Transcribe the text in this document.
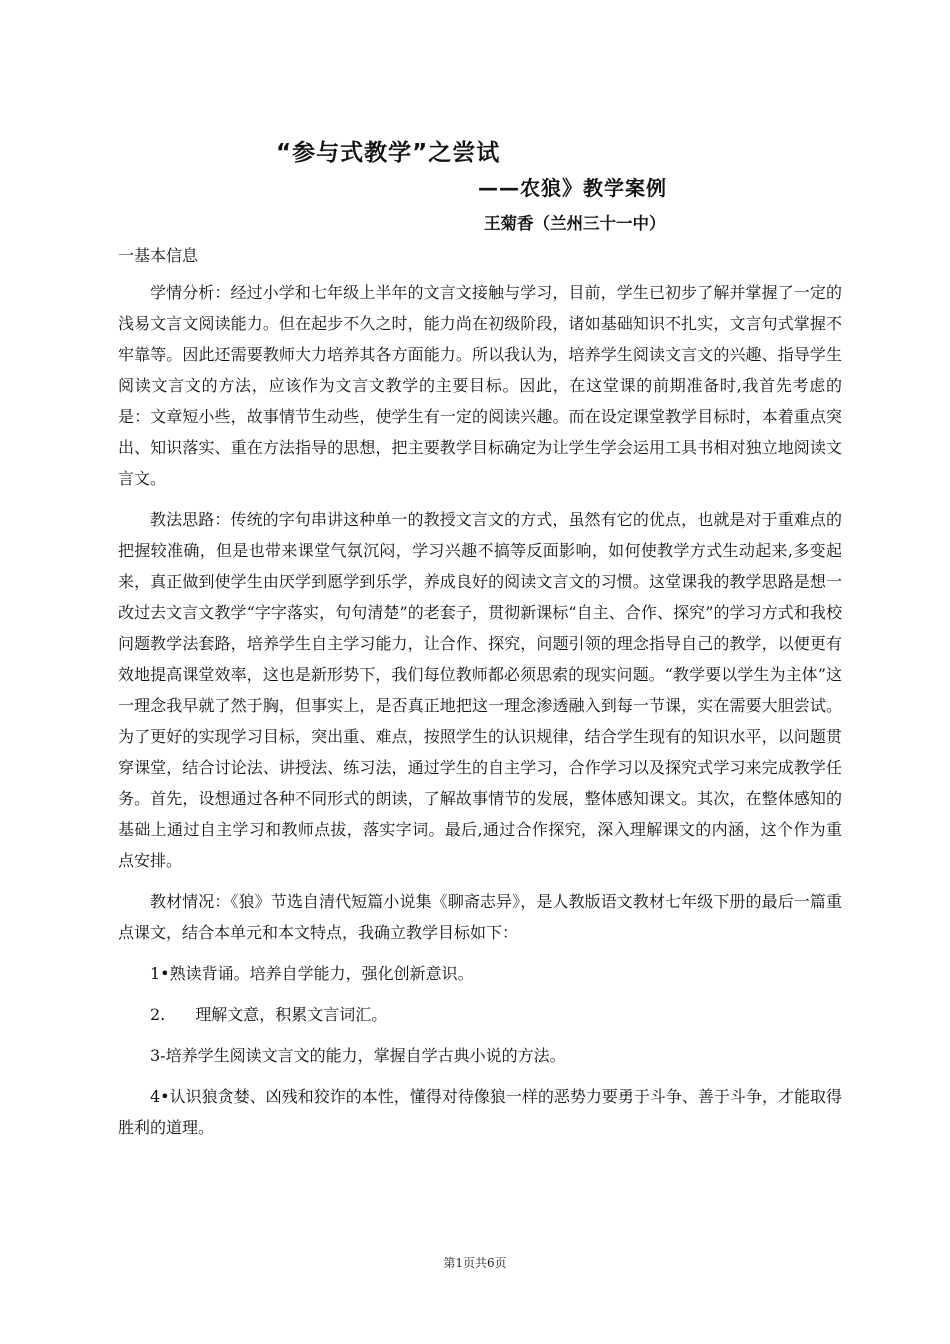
“参与式教学”之尝试
——农狼》教学案例
王菊香（兰州三十一中）

一基本信息

学情分析：经过小学和七年级上半年的文言文接触与学习，目前，学生已初步了解并掌握了一定的浅易文言文阅读能力。但在起步不久之时，能力尚在初级阶段，诸如基础知识不扎实，文言句式掌握不牢靠等。因此还需要教师大力培养其各方面能力。所以我认为，培养学生阅读文言文的兴趣、指导学生阅读文言文的方法，应该作为文言文教学的主要目标。因此，在这堂课的前期准备时,我首先考虑的是：文章短小些，故事情节生动些，使学生有一定的阅读兴趣。而在设定课堂教学目标时，本着重点突出、知识落实、重在方法指导的思想，把主要教学目标确定为让学生学会运用工具书相对独立地阅读文言文。

教法思路：传统的字句串讲这种单一的教授文言文的方式，虽然有它的优点，也就是对于重难点的把握较准确，但是也带来课堂气氛沉闷，学习兴趣不搞等反面影响，如何使教学方式生动起来,多变起来，真正做到使学生由厌学到愿学到乐学，养成良好的阅读文言文的习惯。这堂课我的教学思路是想一改过去文言文教学“字字落实，句句清楚”的老套子，贯彻新课标“自主、合作、探究”的学习方式和我校问题教学法套路，培养学生自主学习能力，让合作、探究，问题引领的理念指导自己的教学，以便更有效地提高课堂效率，这也是新形势下，我们每位教师都必须思索的现实问题。“教学要以学生为主体”这一理念我早就了然于胸，但事实上，是否真正地把这一理念渗透融入到每一节课，实在需要大胆尝试。为了更好的实现学习目标，突出重、难点，按照学生的认识规律，结合学生现有的知识水平，以问题贯穿课堂，结合讨论法、讲授法、练习法，通过学生的自主学习，合作学习以及探究式学习来完成教学任务。首先，设想通过各种不同形式的朗读，了解故事情节的发展，整体感知课文。其次，在整体感知的基础上通过自主学习和教师点拔，落实字词。最后,通过合作探究，深入理解课文的内涵，这个作为重点安排。

教材情况：《狼》节选自清代短篇小说集《聊斋志异》，是人教版语文教材七年级下册的最后一篇重点课文，结合本单元和本文特点，我确立教学目标如下：

1•熟读背诵。培养自学能力，强化创新意识。

2. 理解文意，积累文言词汇。

3-培养学生阅读文言文的能力，掌握自学古典小说的方法。

4•认识狼贪婪、凶残和狡诈的本性，懂得对待像狼一样的恶势力要勇于斗争、善于斗争，才能取得胜利的道理。

第1页共6页
